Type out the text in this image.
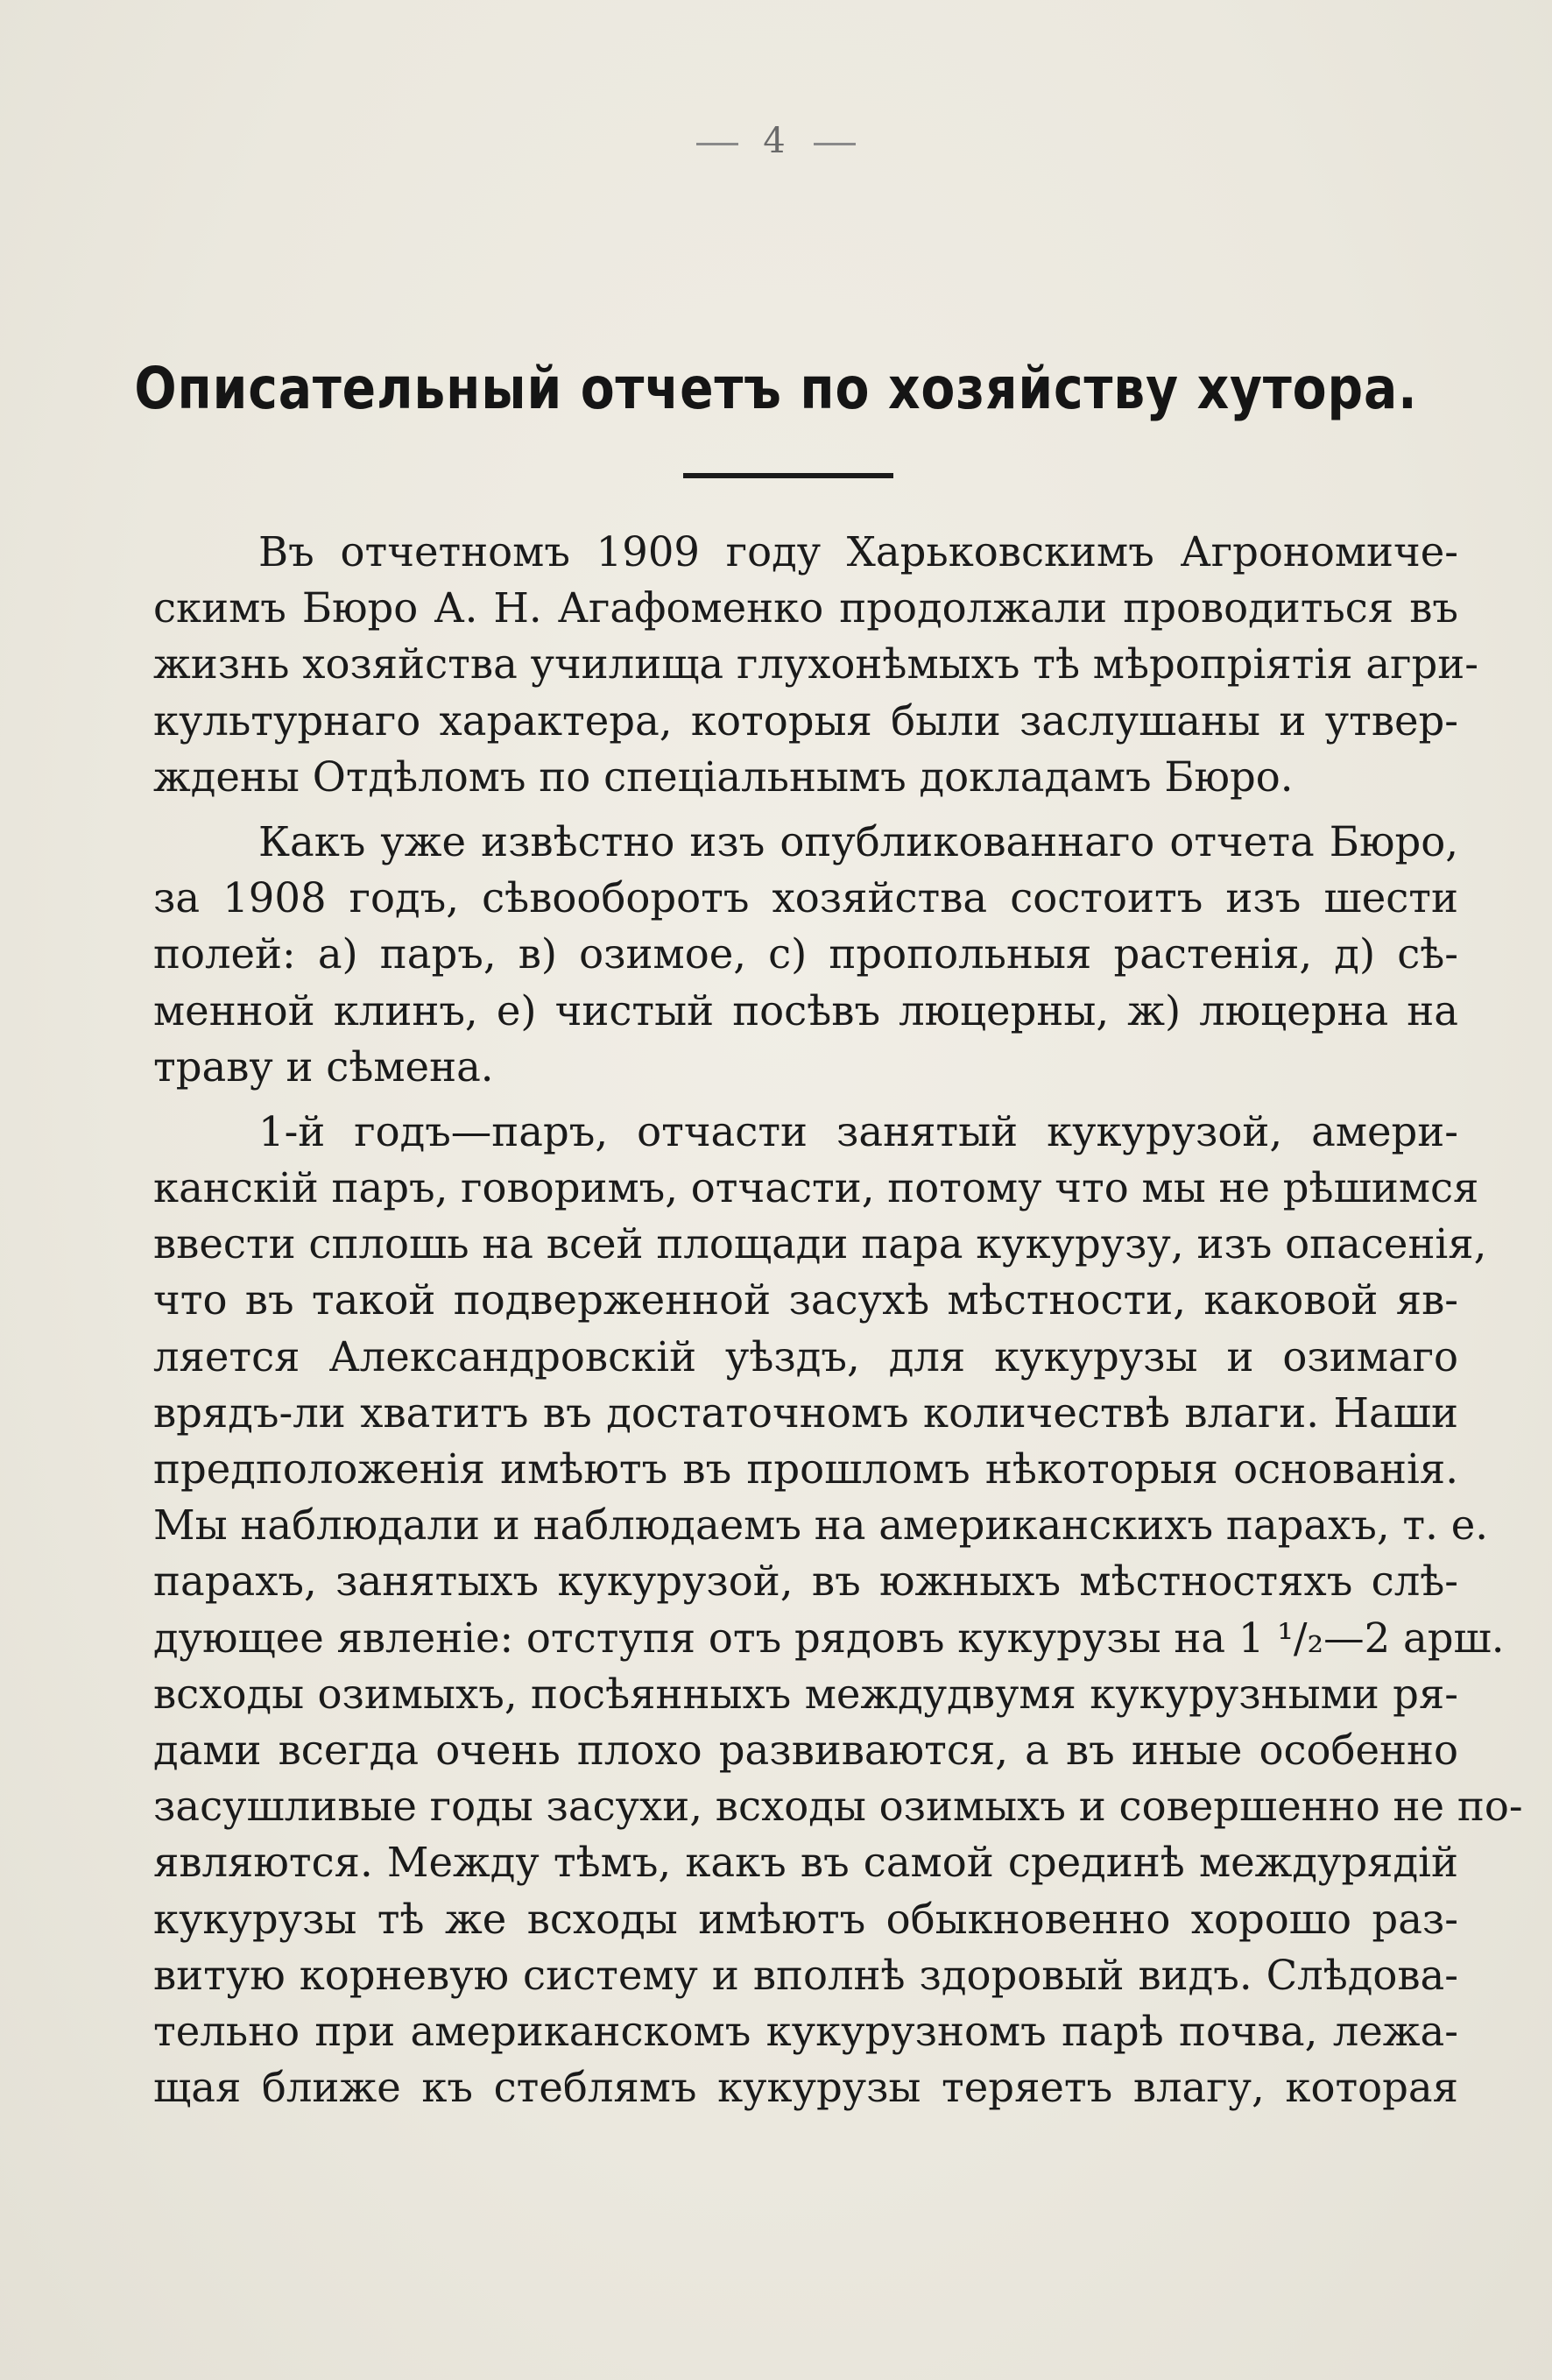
4
Описательный отчетъ по хозяйству хутора.
Въ отчетномъ 1909 году Харьковскимъ Агрономиче-
скимъ Бюро А. Н. Агафоменко продолжали проводиться въ
жизнь хозяйства училища глухонѣмыхъ тѣ мѣропріятія агри-
культурнаго характера, которыя были заслушаны и утвер-
ждены Отдѣломъ по спеціальнымъ докладамъ Бюро.
Какъ уже извѣстно изъ опубликованнаго отчета Бюро,
за 1908 годъ, сѣвооборотъ хозяйства состоитъ изъ шести
полей: а) паръ, в) озимое, с) пропольныя растенія, д) сѣ-
менной клинъ, е) чистый посѣвъ люцерны, ж) люцерна на
траву и сѣмена.
1-й годъ—паръ, отчасти занятый кукурузой, амери-
канскій паръ, говоримъ, отчасти, потому что мы не рѣшимся
ввести сплошь на всей площади пара кукурузу, изъ опасенія,
что въ такой подверженной засухѣ мѣстности, каковой яв-
ляется Александровскій уѣздъ, для кукурузы и озимаго
врядъ-ли хватитъ въ достаточномъ количествѣ влаги. Наши
предположенія имѣютъ въ прошломъ нѣкоторыя основанія.
Мы наблюдали и наблюдаемъ на американскихъ парахъ, т. е.
парахъ, занятыхъ кукурузой, въ южныхъ мѣстностяхъ слѣ-
дующее явленіе: отступя отъ рядовъ кукурузы на 1 ¹/₂—2 арш.
всходы озимыхъ, посѣянныхъ междудвумя кукурузными ря-
дами всегда очень плохо развиваются, а въ иные особенно
засушливые годы засухи, всходы озимыхъ и совершенно не по-
являются. Между тѣмъ, какъ въ самой срединѣ междурядій
кукурузы тѣ же всходы имѣютъ обыкновенно хорошо раз-
витую корневую систему и вполнѣ здоровый видъ. Слѣдова-
тельно при американскомъ кукурузномъ парѣ почва, лежа-
щая ближе къ стеблямъ кукурузы теряетъ влагу, которая
